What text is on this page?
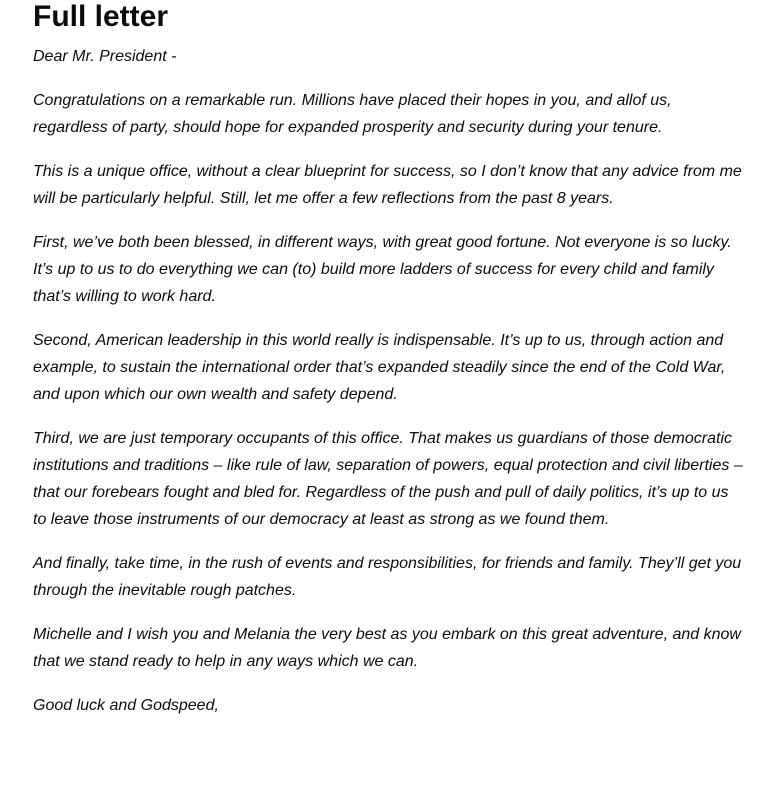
Full letter

Dear Mr. President -

Congratulations on a remarkable run. Millions have placed their hopes in you, and allof us, regardless of party, should hope for expanded prosperity and security during your tenure.

This is a unique office, without a clear blueprint for success, so I don’t know that any advice from me will be particularly helpful. Still, let me offer a few reflections from the past 8 years.

First, we’ve both been blessed, in different ways, with great good fortune. Not everyone is so lucky. It’s up to us to do everything we can (to) build more ladders of success for every child and family that’s willing to work hard.

Second, American leadership in this world really is indispensable. It’s up to us, through action and example, to sustain the international order that’s expanded steadily since the end of the Cold War, and upon which our own wealth and safety depend.

Third, we are just temporary occupants of this office. That makes us guardians of those democratic institutions and traditions – like rule of law, separation of powers, equal protection and civil liberties – that our forebears fought and bled for. Regardless of the push and pull of daily politics, it’s up to us to leave those instruments of our democracy at least as strong as we found them.

And finally, take time, in the rush of events and responsibilities, for friends and family. They’ll get you through the inevitable rough patches.

Michelle and I wish you and Melania the very best as you embark on this great adventure, and know that we stand ready to help in any ways which we can.

Good luck and Godspeed,
